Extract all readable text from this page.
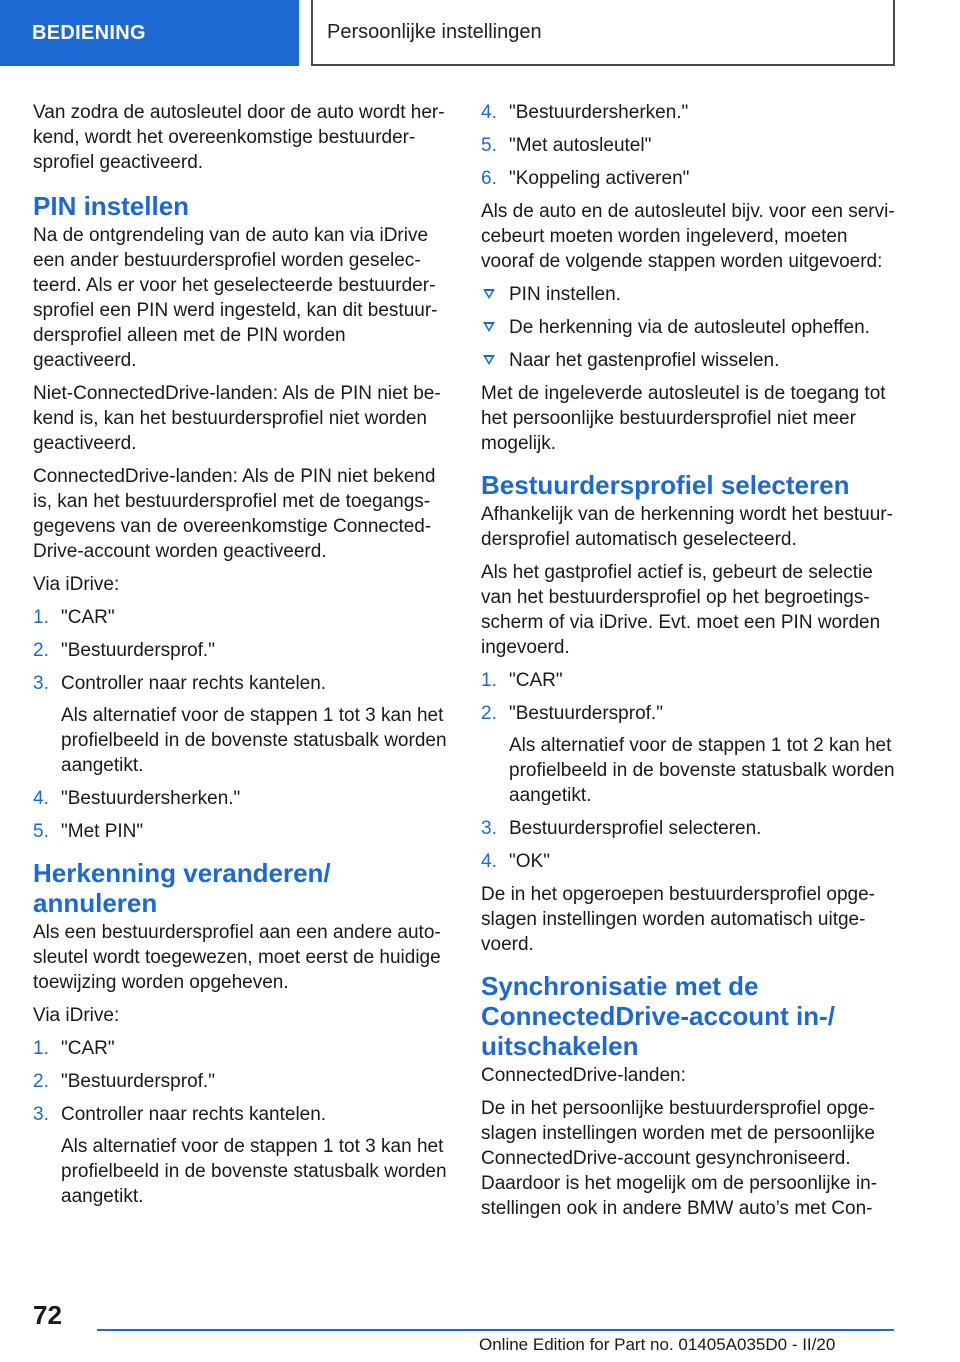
BEDIENING	Persoonlijke instellingen

Van zodra de autosleutel door de auto wordt herkend, wordt het overeenkomstige bestuurdersprofiel geactiveerd.

PIN instellen

Na de ontgrendeling van de auto kan via iDrive een ander bestuurdersprofiel worden geselecteerd. Als er voor het geselecteerde bestuurdersprofiel een PIN werd ingesteld, kan dit bestuurdersprofiel alleen met de PIN worden geactiveerd.

Niet-ConnectedDrive-landen: Als de PIN niet bekend is, kan het bestuurdersprofiel niet worden geactiveerd.

ConnectedDrive-landen: Als de PIN niet bekend is, kan het bestuurdersprofiel met de toegangsgegevens van de overeenkomstige ConnectedDrive-account worden geactiveerd.

Via iDrive:

1. "CAR"
2. "Bestuurdersprof."
3. Controller naar rechts kantelen.
Als alternatief voor de stappen 1 tot 3 kan het profielbeeld in de bovenste statusbalk worden aangetikt.
4. "Bestuurdersherken."
5. "Met PIN"
Herkenning veranderen/ annuleren

Als een bestuurdersprofiel aan een andere autosleutel wordt toegewezen, moet eerst de huidige toewijzing worden opgeheven.

Via iDrive:

1. "CAR"
2. "Bestuurdersprof."
3. Controller naar rechts kantelen.
Als alternatief voor de stappen 1 tot 3 kan het profielbeeld in de bovenste statusbalk worden aangetikt.
4. "Bestuurdersherken."
5. "Met autosleutel"
6. "Koppeling activeren"

Als de auto en de autosleutel bijv. voor een servicebeurt moeten worden ingeleverd, moeten vooraf de volgende stappen worden uitgevoerd:

PIN instellen.
De herkenning via de autosleutel opheffen.
Naar het gastenprofiel wisselen.

Met de ingeleverde autosleutel is de toegang tot het persoonlijke bestuurdersprofiel niet meer mogelijk.

Bestuurdersprofiel selecteren

Afhankelijk van de herkenning wordt het bestuurdersprofiel automatisch geselecteerd.

Als het gastprofiel actief is, gebeurt de selectie van het bestuurdersprofiel op het begroetingsscherm of via iDrive. Evt. moet een PIN worden ingevoerd.

1. "CAR"
2. "Bestuurdersprof."
Als alternatief voor de stappen 1 tot 2 kan het profielbeeld in de bovenste statusbalk worden aangetikt.
3. Bestuurdersprofiel selecteren.
4. "OK"

De in het opgeroepen bestuurdersprofiel opgeslagen instellingen worden automatisch uitgevoerd.

Synchronisatie met de ConnectedDrive-account in-/ uitschakelen

ConnectedDrive-landen:

De in het persoonlijke bestuurdersprofiel opgeslagen instellingen worden met de persoonlijke ConnectedDrive-account gesynchroniseerd. Daardoor is het mogelijk om de persoonlijke instellingen ook in andere BMW auto’s met Con-

72
Online Edition for Part no. 01405A035D0 - II/20
